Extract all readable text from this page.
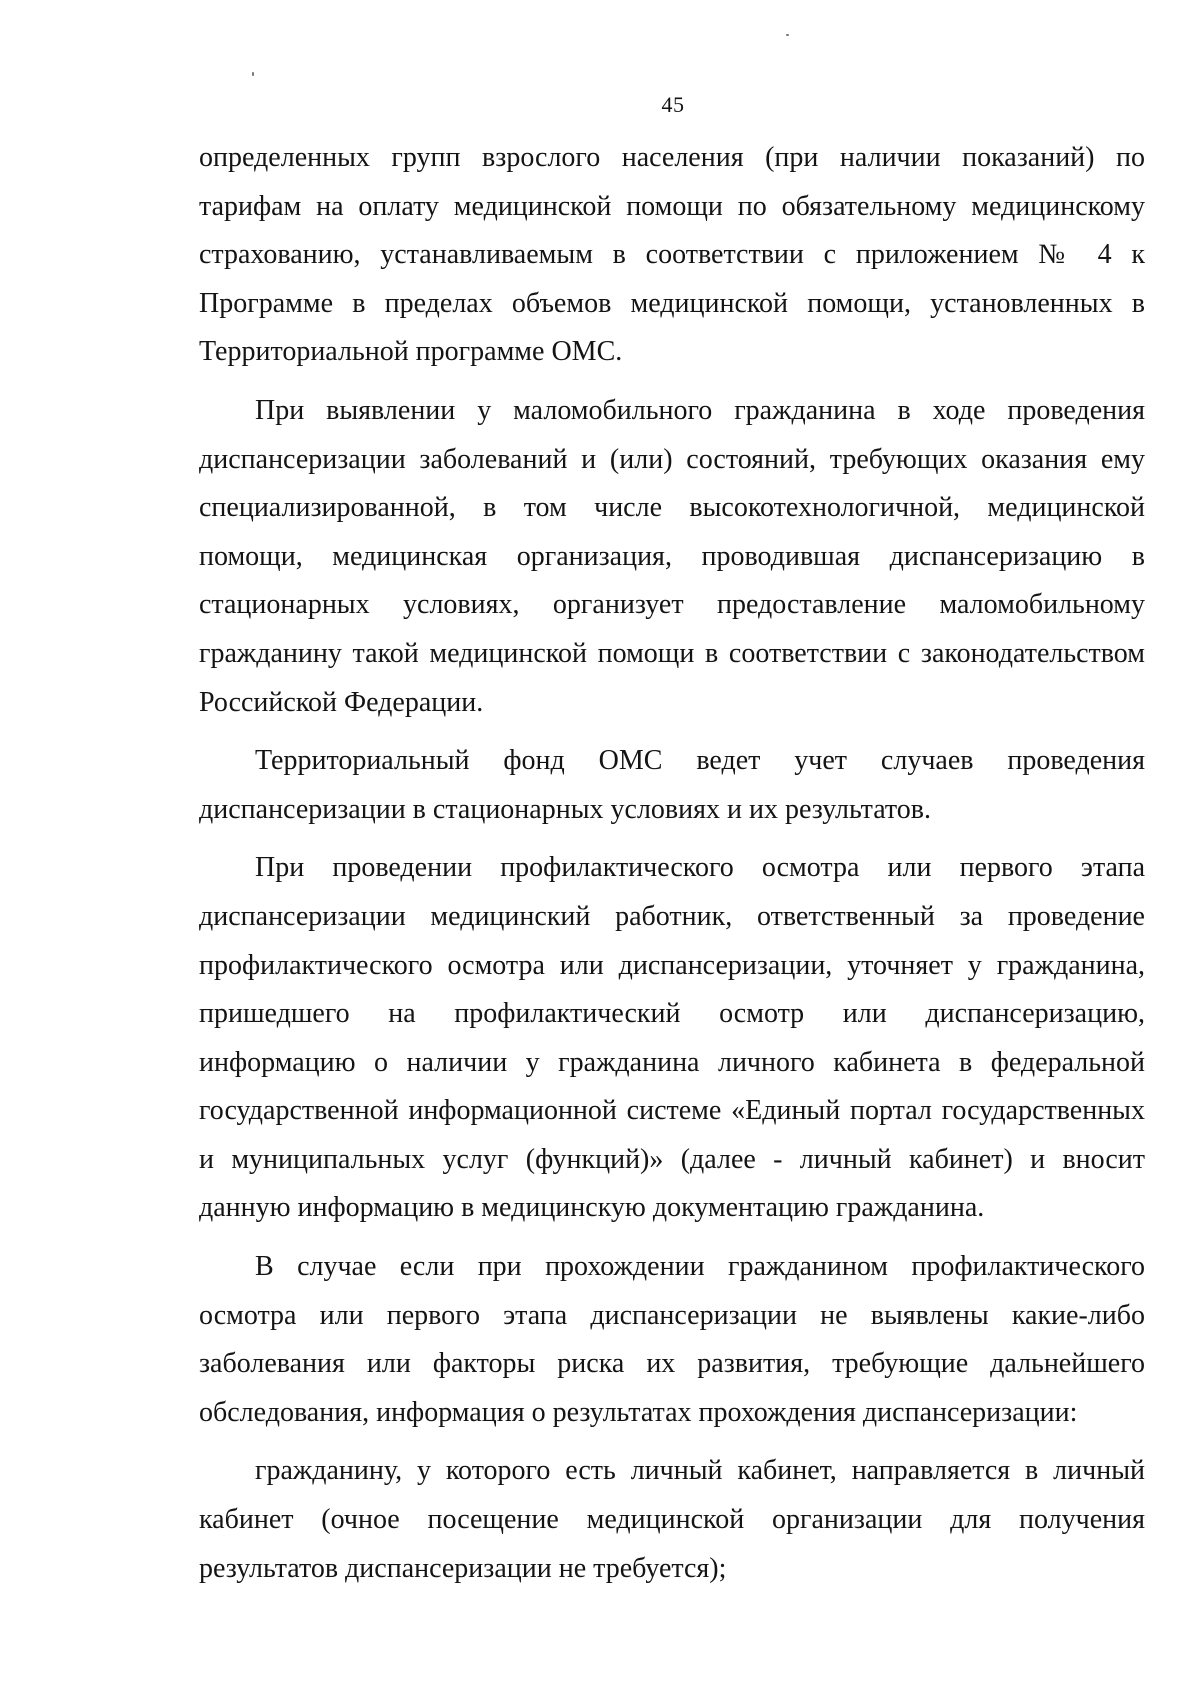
45

определенных групп взрослого населения (при наличии показаний) по тарифам на оплату медицинской помощи по обязательному медицинскому страхованию, устанавливаемым в соответствии с приложением № 4 к Программе в пределах объемов медицинской помощи, установленных в Территориальной программе ОМС.

При выявлении у маломобильного гражданина в ходе проведения диспансеризации заболеваний и (или) состояний, требующих оказания ему специализированной, в том числе высокотехнологичной, медицинской помощи, медицинская организация, проводившая диспансеризацию в стационарных условиях, организует предоставление маломобильному гражданину такой медицинской помощи в соответствии с законодательством Российской Федерации.

Территориальный фонд ОМС ведет учет случаев проведения диспансеризации в стационарных условиях и их результатов.

При проведении профилактического осмотра или первого этапа диспансеризации медицинский работник, ответственный за проведение профилактического осмотра или диспансеризации, уточняет у гражданина, пришедшего на профилактический осмотр или диспансеризацию, информацию о наличии у гражданина личного кабинета в федеральной государственной информационной системе «Единый портал государственных и муниципальных услуг (функций)» (далее - личный кабинет) и вносит данную информацию в медицинскую документацию гражданина.

В случае если при прохождении гражданином профилактического осмотра или первого этапа диспансеризации не выявлены какие-либо заболевания или факторы риска их развития, требующие дальнейшего обследования, информация о результатах прохождения диспансеризации:

гражданину, у которого есть личный кабинет, направляется в личный кабинет (очное посещение медицинской организации для получения результатов диспансеризации не требуется);
